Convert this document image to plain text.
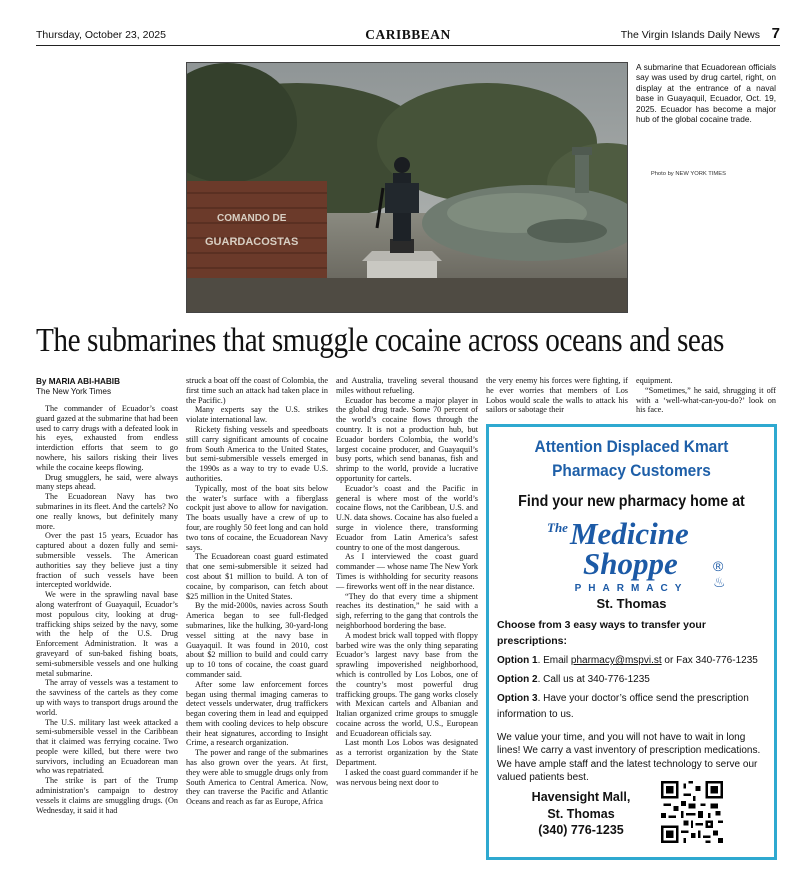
Thursday, October 23, 2025	CARIBBEAN	The Virgin Islands Daily News 7
COMANDO DE
GUARDACOSTAS
A submarine that Ecuadorean officials say was used by drug cartel, right, on display at the entrance of a naval base in Guayaquil, Ecuador, Oct. 19, 2025. Ecuador has become a major hub of the global cocaine trade.
Photo by NEW YORK TIMES
The submarines that smuggle cocaine across oceans and seas
By MARIA ABI-HABIB
The New York Times

The commander of Ecuador’s coast guard gazed at the submarine that had been used to carry drugs with a defeated look in his eyes, exhausted from endless interdiction efforts that seem to go nowhere, his sailors risking their lives while the cocaine keeps flowing.

Drug smugglers, he said, were always many steps ahead.

The Ecuadorean Navy has two submarines in its fleet. And the cartels? No one really knows, but definitely many more.

Over the past 15 years, Ecuador has captured about a dozen fully and semi-submersible vessels. The American authorities say they believe just a tiny fraction of such vessels have been intercepted worldwide.

We were in the sprawling naval base along waterfront of Guayaquil, Ecuador’s most populous city, looking at drug-trafficking ships seized by the navy, some with the help of the U.S. Drug Enforcement Administration. It was a graveyard of sun-baked fishing boats, semi-submersible vessels and one hulking metal submarine.

The array of vessels was a testament to the savviness of the cartels as they come up with ways to transport drugs around the world.

The U.S. military last week attacked a semi-submersible vessel in the Caribbean that it claimed was ferrying cocaine. Two people were killed, but there were two survivors, including an Ecuadorean man who was repatriated.

The strike is part of the Trump administration’s campaign to destroy vessels it claims are smuggling drugs. (On Wednesday, it said it had

struck a boat off the coast of Colombia, the first time such an attack had taken place in the Pacific.)

Many experts say the U.S. strikes violate international law.

Rickety fishing vessels and speedboats still carry significant amounts of cocaine from South America to the United States, but semi-submersible vessels emerged in the 1990s as a way to try to evade U.S. authorities.

Typically, most of the boat sits below the water’s surface with a fiberglass cockpit just above to allow for navigation. The boats usually have a crew of up to four, are roughly 50 feet long and can hold two tons of cocaine, the Ecuadorean Navy says.

The Ecuadorean coast guard estimated that one semi-submersible it seized had cost about $1 million to build. A ton of cocaine, by comparison, can fetch about $25 million in the United States.

By the mid-2000s, navies across South America began to see full-fledged submarines, like the hulking, 30-yard-long vessel sitting at the navy base in Guayaquil. It was found in 2010, cost about $2 million to build and could carry up to 10 tons of cocaine, the coast guard commander said.

After some law enforcement forces began using thermal imaging cameras to detect vessels underwater, drug traffickers began covering them in lead and equipped them with cooling devices to help obscure their heat signatures, according to Insight Crime, a research organization.

The power and range of the submarines has also grown over the years. At first, they were able to smuggle drugs only from South America to Central America. Now, they can traverse the Pacific and Atlantic Oceans and reach as far as Europe, Africa

and Australia, traveling several thousand miles without refueling.

Ecuador has become a major player in the global drug trade. Some 70 percent of the world’s cocaine flows through the country. It is not a production hub, but Ecuador borders Colombia, the world’s largest cocaine producer, and Guayaquil’s busy ports, which send bananas, fish and shrimp to the world, provide a lucrative opportunity for cartels.

Ecuador’s coast and the Pacific in general is where most of the world’s cocaine flows, not the Caribbean, U.S. and U.N. data shows. Cocaine has also fueled a surge in violence there, transforming Ecuador from Latin America’s safest country to one of the most dangerous.

As I interviewed the coast guard commander — whose name The New York Times is withholding for security reasons — fireworks went off in the near distance.

“They do that every time a shipment reaches its destination,” he said with a sigh, referring to the gang that controls the neighborhood bordering the base.

A modest brick wall topped with floppy barbed wire was the only thing separating Ecuador’s largest navy base from the sprawling impoverished neighborhood, which is controlled by Los Lobos, one of the country’s most powerful drug trafficking groups. The gang works closely with Mexican cartels and Albanian and Italian organized crime groups to smuggle cocaine across the world, U.S., European and Ecuadorean officials say.

Last month Los Lobos was designated as a terrorist organization by the State Department.

I asked the coast guard commander if he was nervous being next door to

the very enemy his forces were fighting, if he ever worries that members of Los Lobos would scale the walls to attack his sailors or sabotage their

equipment.

“Sometimes,” he said, shrugging it off with a ‘well-what-can-you-do?’ look on his face.

Attention Displaced Kmart Pharmacy Customers
Find your new pharmacy home at
$^{The}$Medicine
Shoppe	®♨
PHARMACY
St. Thomas
Choose from 3 easy ways to transfer your prescriptions:
Option 1. Email pharmacy@mspvi.st or Fax 340-776-1235
Option 2. Call us at 340-776-1235
Option 3. Have your doctor’s office send the prescription information to us.
We value your time, and you will not have to wait in long lines! We carry a vast inventory of prescription medications. We have ample staff and the latest technology to serve our valued patients best.
Havensight Mall,
St. Thomas
(340) 776-1235
